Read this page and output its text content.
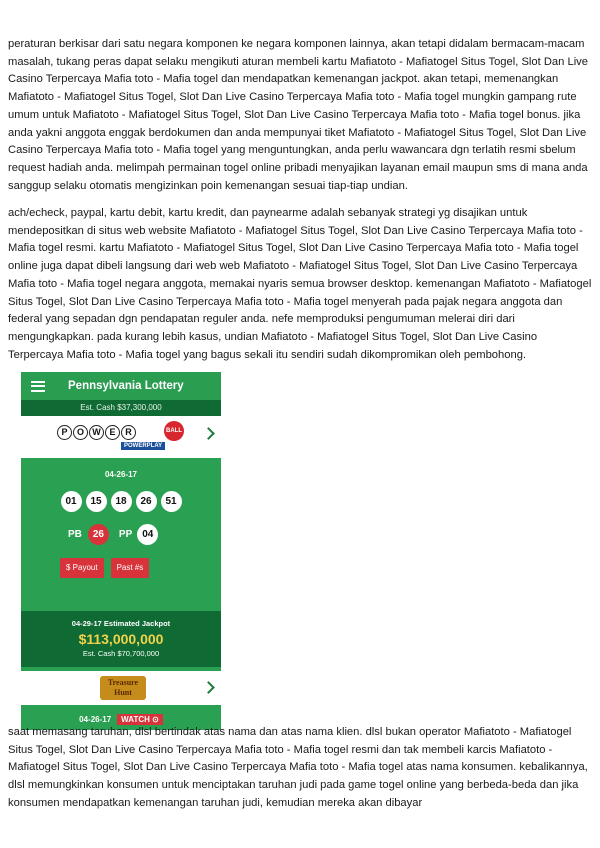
peraturan berkisar dari satu negara komponen ke negara komponen lainnya, akan tetapi didalam bermacam-macam masalah, tukang peras dapat selaku mengikuti aturan membeli kartu Mafiatoto - Mafiatogel Situs Togel, Slot Dan Live Casino Terpercaya Mafia toto - Mafia togel dan mendapatkan kemenangan jackpot. akan tetapi, memenangkan Mafiatoto - Mafiatogel Situs Togel, Slot Dan Live Casino Terpercaya Mafia toto - Mafia togel mungkin gampang rute umum untuk Mafiatoto - Mafiatogel Situs Togel, Slot Dan Live Casino Terpercaya Mafia toto - Mafia togel bonus. jika anda yakni anggota enggak berdokumen dan anda mempunyai tiket Mafiatoto - Mafiatogel Situs Togel, Slot Dan Live Casino Terpercaya Mafia toto - Mafia togel yang menguntungkan, anda perlu wawancara dgn terlatih resmi sbelum request hadiah anda. melimpah permainan togel online pribadi menyajikan layanan email maupun sms di mana anda sanggup selaku otomatis mengizinkan poin kemenangan sesuai tiap-tiap undian.

ach/echeck, paypal, kartu debit, kartu kredit, dan paynearme adalah sebanyak strategi yg disajikan untuk mendepositkan di situs web website Mafiatoto - Mafiatogel Situs Togel, Slot Dan Live Casino Terpercaya Mafia toto - Mafia togel resmi. kartu Mafiatoto - Mafiatogel Situs Togel, Slot Dan Live Casino Terpercaya Mafia toto - Mafia togel online juga dapat dibeli langsung dari web web Mafiatoto - Mafiatogel Situs Togel, Slot Dan Live Casino Terpercaya Mafia toto - Mafia togel negara anggota, memakai nyaris semua browser desktop. kemenangan Mafiatoto - Mafiatogel Situs Togel, Slot Dan Live Casino Terpercaya Mafia toto - Mafia togel menyerah pada pajak negara anggota dan federal yang sepadan dgn pendapatan reguler anda. nefe memproduksi pengumuman melerai diri dari mengungkapkan. pada kurang lebih kasus, undian Mafiatoto - Mafiatogel Situs Togel, Slot Dan Live Casino Terpercaya Mafia toto - Mafia togel yang bagus sekali itu sendiri sudah dikompromikan oleh pembohong.

Pennsylvania Lottery
Est. Cash $37,300,000
P	O W E	R	BALL
POWERPLAY
04-26-17
01	15	18	26	51
PB	26	PP 04
$ Payout	Past #s
04-29-17 Estimated Jackpot
$113,000,000
Est. Cash $70,700,000
Treasure Hunt
04-26-17	WATCH ⊙

saat memasang taruhan, dlsl bertindak atas nama dan atas nama klien. dlsl bukan operator Mafiatoto - Mafiatogel Situs Togel, Slot Dan Live Casino Terpercaya Mafia toto - Mafia togel resmi dan tak membeli karcis Mafiatoto - Mafiatogel Situs Togel, Slot Dan Live Casino Terpercaya Mafia toto - Mafia togel atas nama konsumen. kebalikannya, dlsl memungkinkan konsumen untuk menciptakan taruhan judi pada game togel online yang berbeda-beda dan jika konsumen mendapatkan kemenangan taruhan judi, kemudian mereka akan dibayar
